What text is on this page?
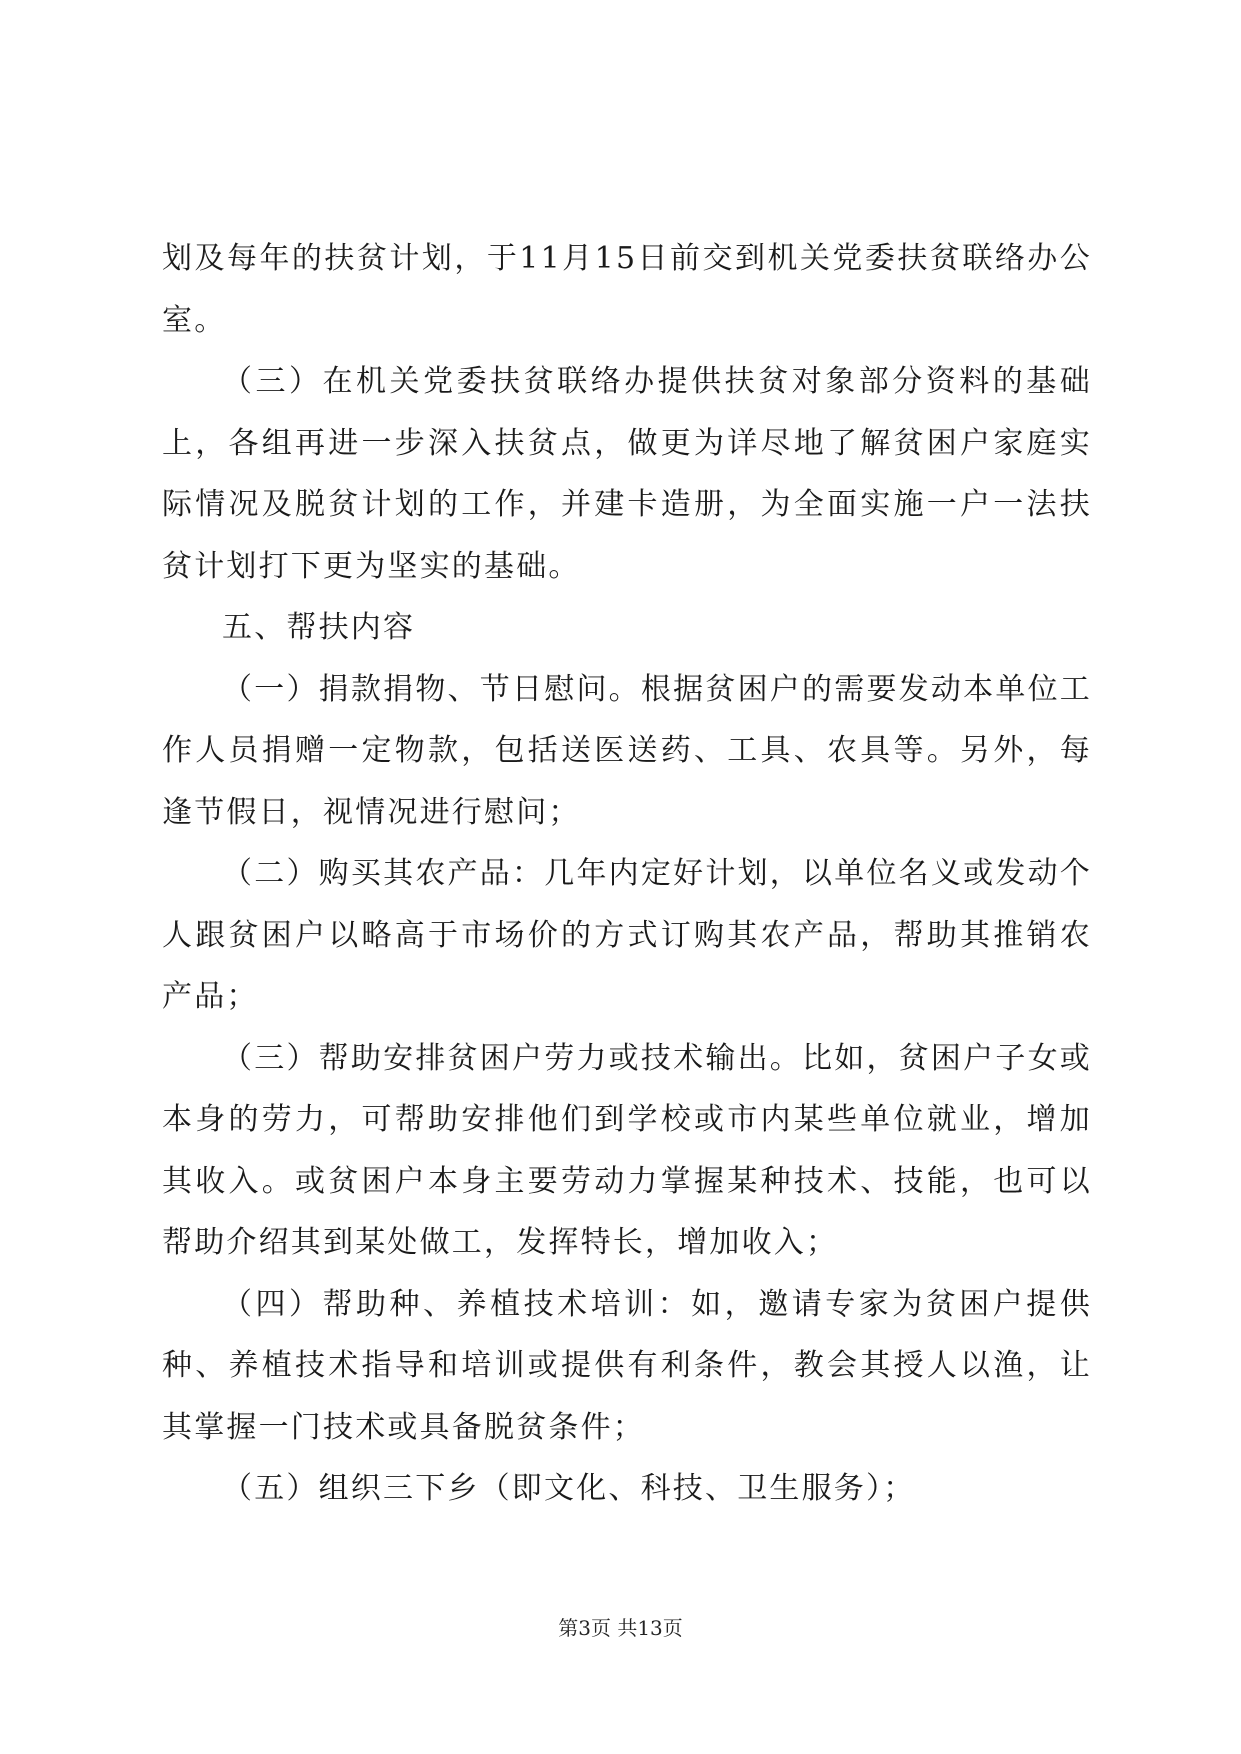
划及每年的扶贫计划，于11月15日前交到机关党委扶贫联络办公室。

（三）在机关党委扶贫联络办提供扶贫对象部分资料的基础上，各组再进一步深入扶贫点，做更为详尽地了解贫困户家庭实际情况及脱贫计划的工作，并建卡造册，为全面实施一户一法扶贫计划打下更为坚实的基础。

五、帮扶内容

（一）捐款捐物、节日慰问。根据贫困户的需要发动本单位工作人员捐赠一定物款，包括送医送药、工具、农具等。另外，每逢节假日，视情况进行慰问；

（二）购买其农产品：几年内定好计划，以单位名义或发动个人跟贫困户以略高于市场价的方式订购其农产品，帮助其推销农产品；

（三）帮助安排贫困户劳力或技术输出。比如，贫困户子女或本身的劳力，可帮助安排他们到学校或市内某些单位就业，增加其收入。或贫困户本身主要劳动力掌握某种技术、技能，也可以帮助介绍其到某处做工，发挥特长，增加收入；

（四）帮助种、养植技术培训：如，邀请专家为贫困户提供种、养植技术指导和培训或提供有利条件，教会其授人以渔，让其掌握一门技术或具备脱贫条件；

（五）组织三下乡（即文化、科技、卫生服务）；

第3页 共13页
